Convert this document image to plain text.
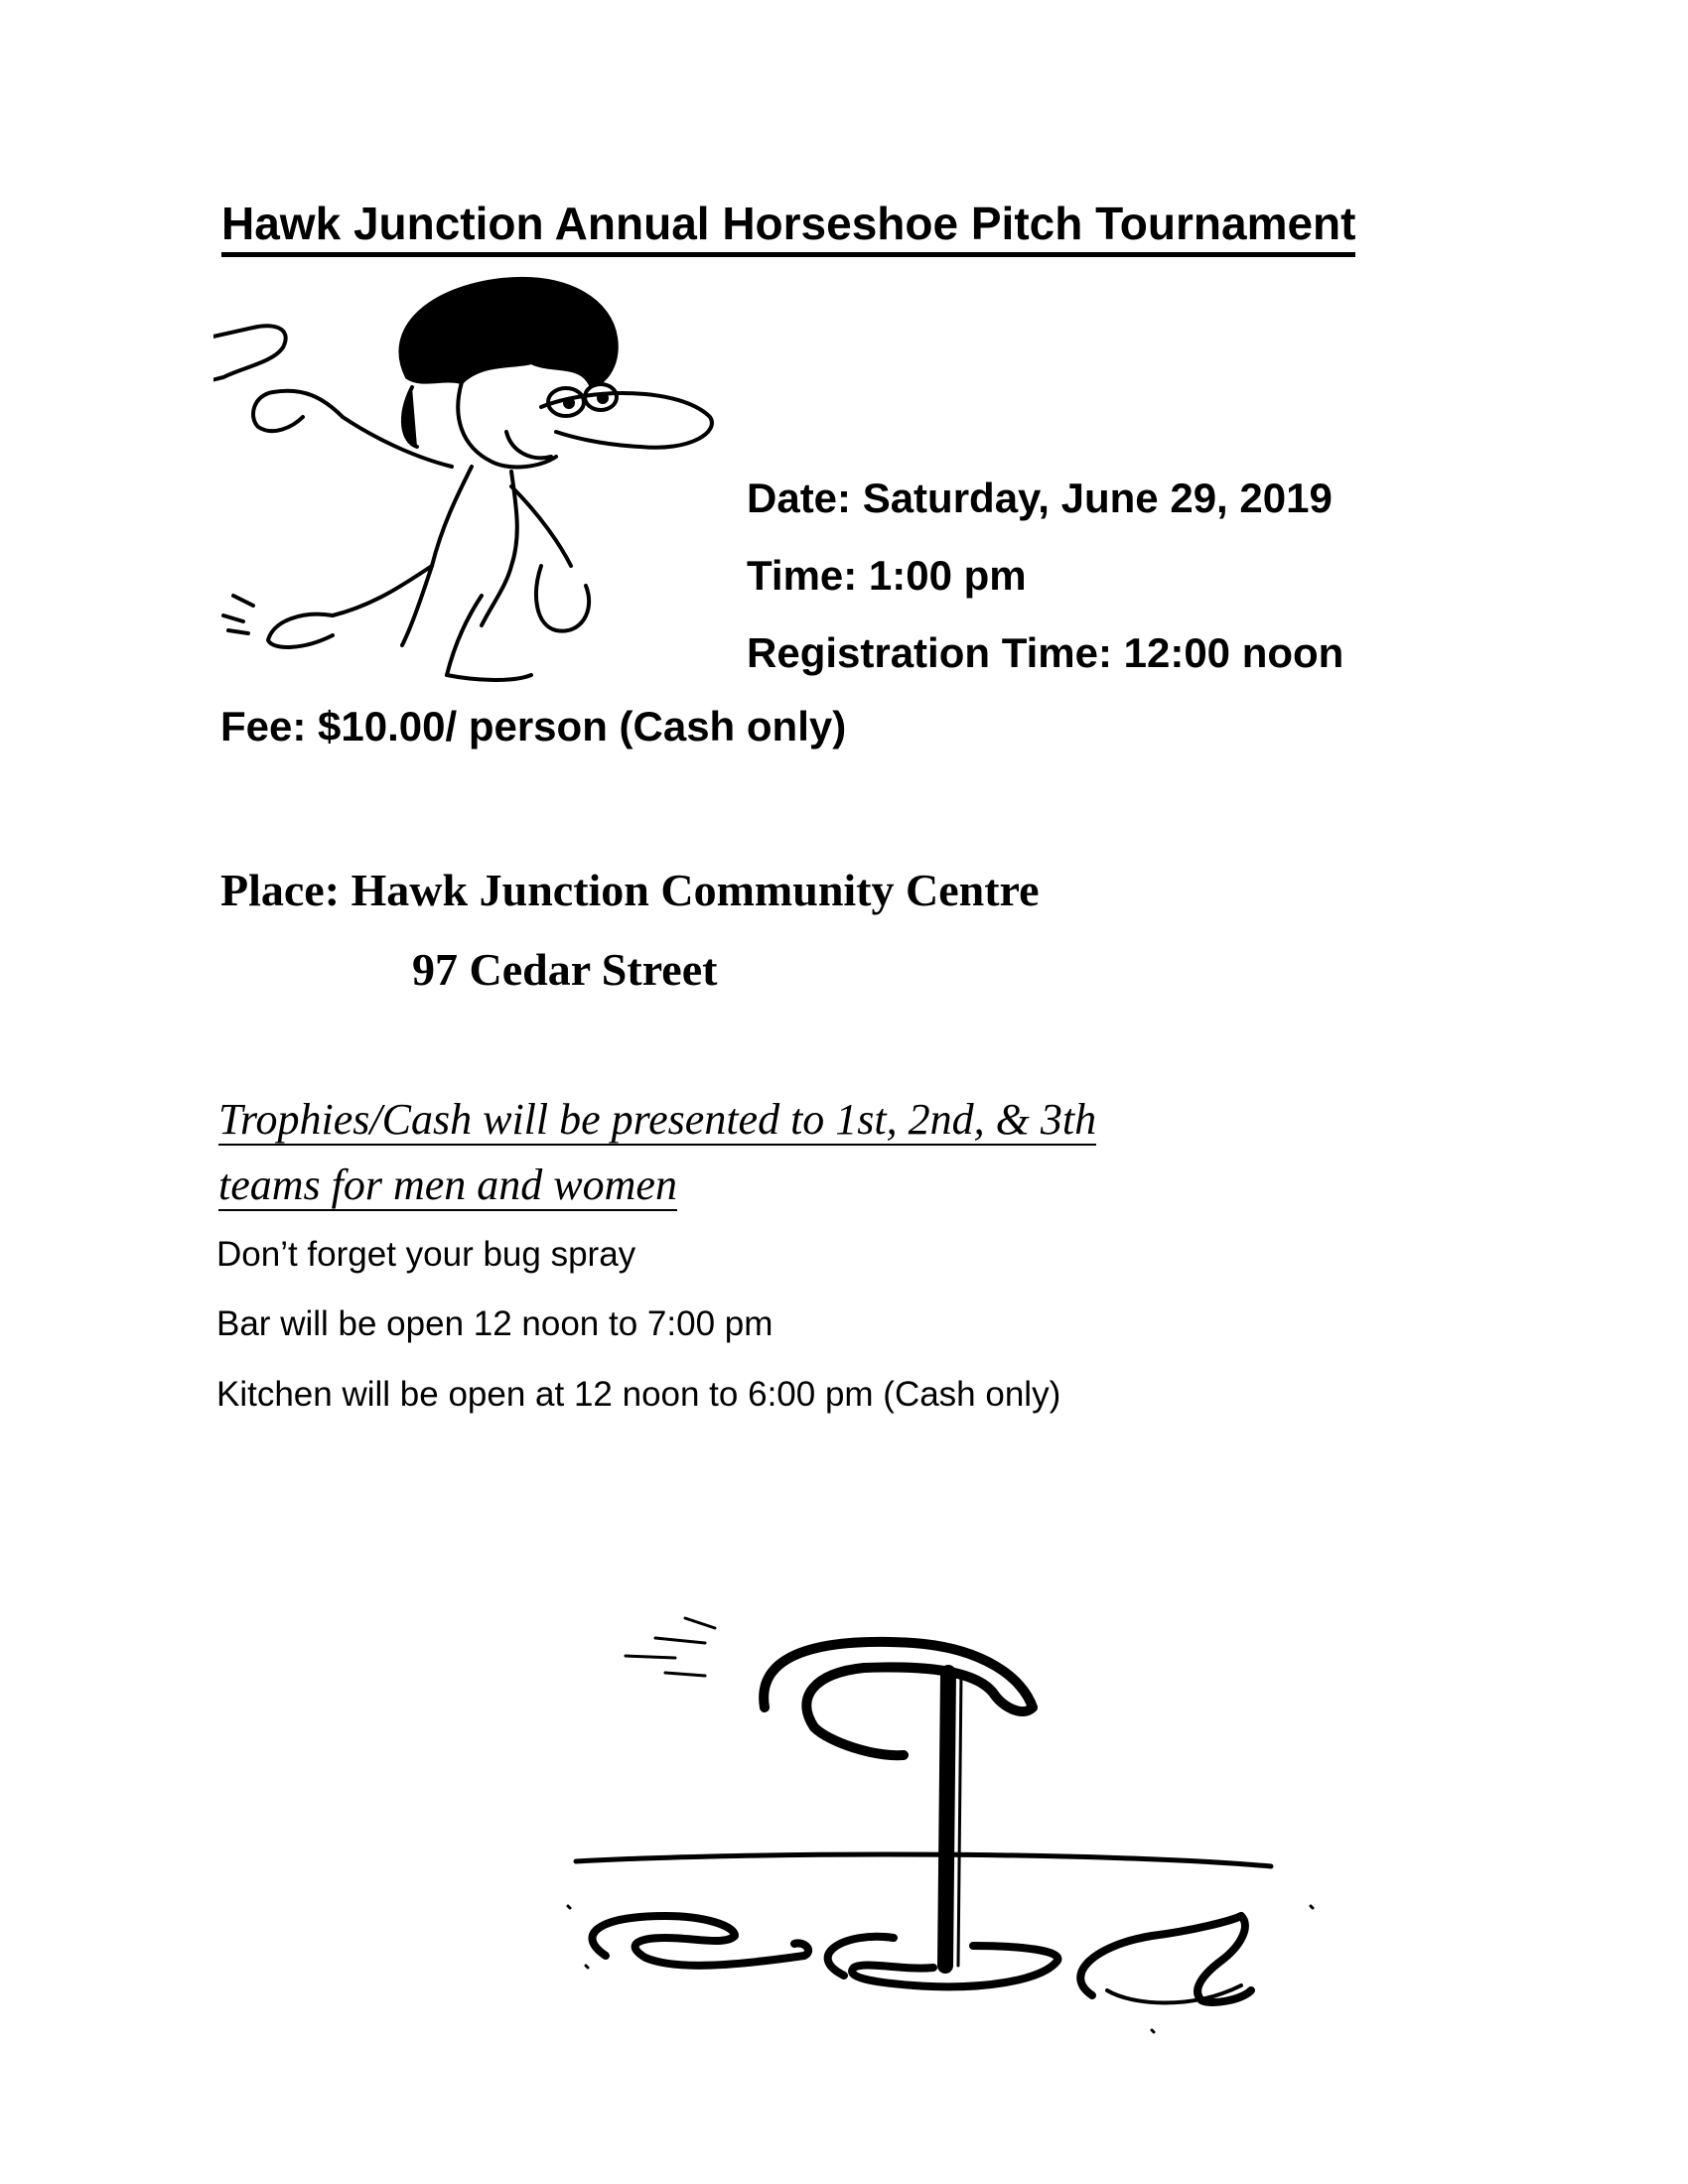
Hawk Junction Annual Horseshoe Pitch Tournament
Date: Saturday, June 29, 2019
Time: 1:00 pm
Registration Time: 12:00 noon
Fee: $10.00/ person (Cash only)
Place: Hawk Junction Community Centre
97 Cedar Street
Trophies/Cash will be presented to 1st, 2nd, & 3th
teams for men and women
Don’t forget your bug spray
Bar will be open 12 noon to 7:00 pm
Kitchen will be open at 12 noon to 6:00 pm (Cash only)
